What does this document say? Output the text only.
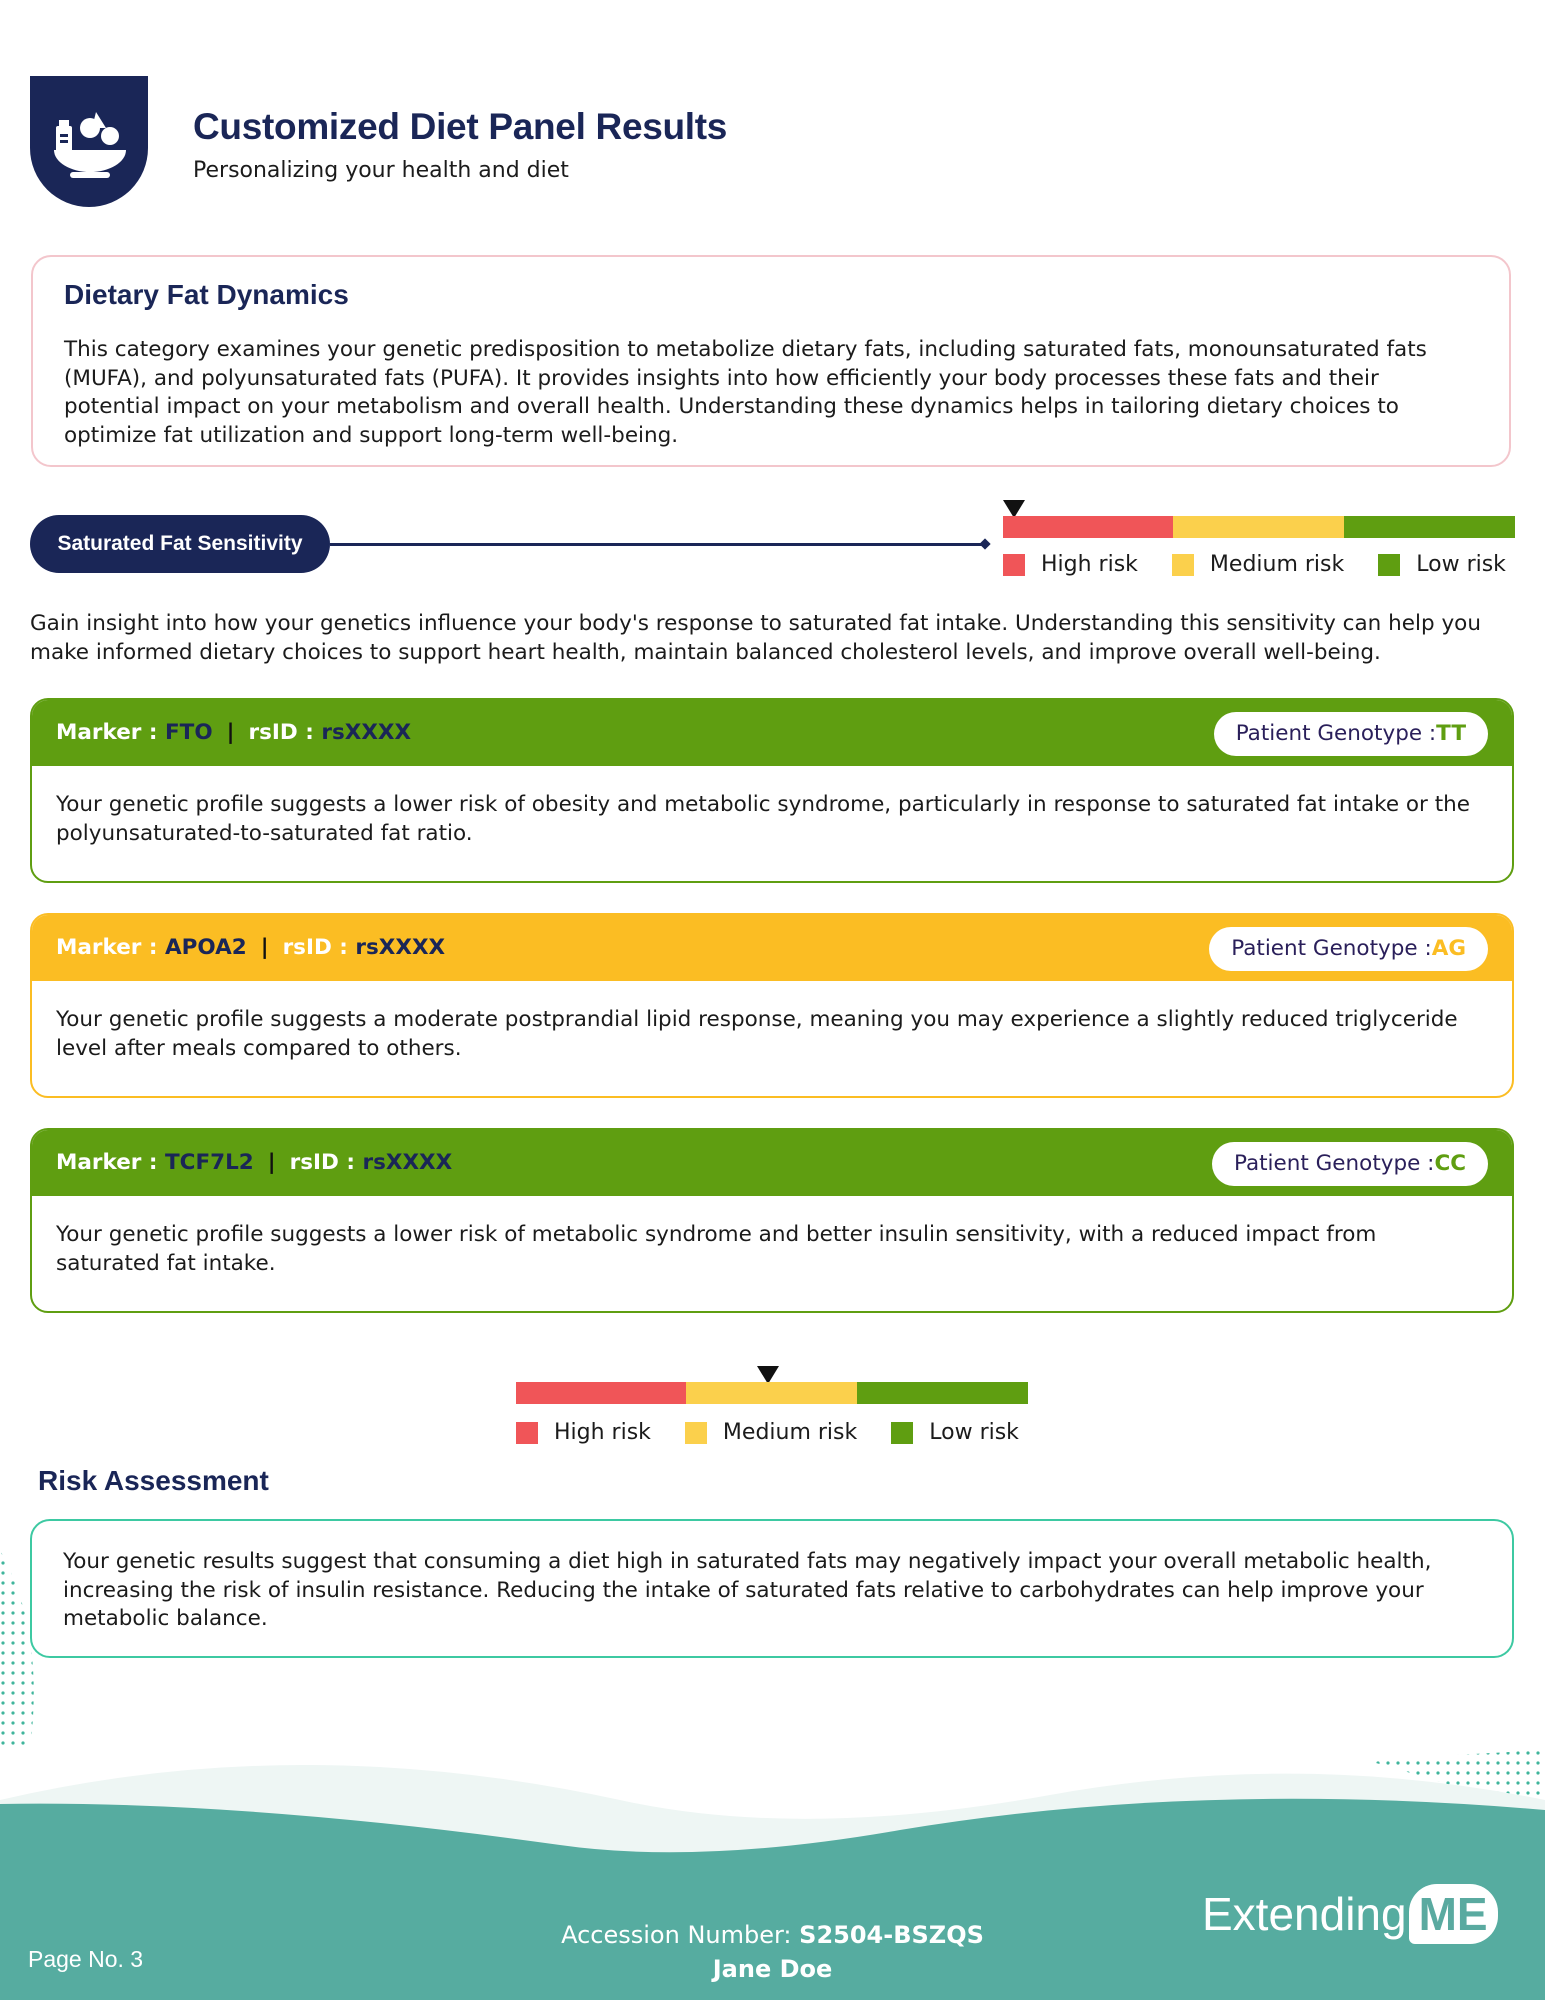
Customized Diet Panel Results
Personalizing your health and diet
Dietary Fat Dynamics

This category examines your genetic predisposition to metabolize dietary fats, including saturated fats, monounsaturated fats (MUFA), and polyunsaturated fats (PUFA). It provides insights into how efficiently your body processes these fats and their potential impact on your metabolism and overall health. Understanding these dynamics helps in tailoring dietary choices to optimize fat utilization and support long-term well-being.

Saturated Fat Sensitivity
High risk	Medium risk	Low risk
Gain insight into how your genetics influence your body's response to saturated fat intake. Understanding this sensitivity can help you make informed dietary choices to support heart health, maintain balanced cholesterol levels, and improve overall well-being.
Marker : FTO | rsID : rsXXXX	Patient Genotype :TT
Your genetic profile suggests a lower risk of obesity and metabolic syndrome, particularly in response to saturated fat intake or the polyunsaturated-to-saturated fat ratio.
Marker : APOA2 | rsID : rsXXXX	Patient Genotype :AG
Your genetic profile suggests a moderate postprandial lipid response, meaning you may experience a slightly reduced triglyceride level after meals compared to others.
Marker : TCF7L2 | rsID : rsXXXX	Patient Genotype :CC
Your genetic profile suggests a lower risk of metabolic syndrome and better insulin sensitivity, with a reduced impact from saturated fat intake.
High risk	Medium risk	Low risk
Risk Assessment

Your genetic results suggest that consuming a diet high in saturated fats may negatively impact your overall metabolic health, increasing the risk of insulin resistance. Reducing the intake of saturated fats relative to carbohydrates can help improve your metabolic balance.

Page No. 3
Accession Number: S2504-BSZQS
Jane Doe
Extending ME
